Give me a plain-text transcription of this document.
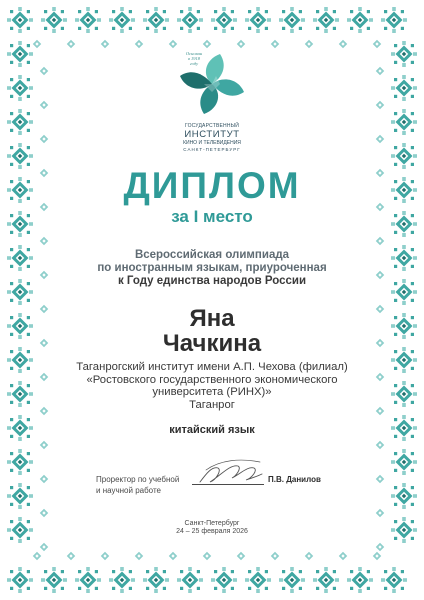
Основан
в 1918
году
ГОСУДАРСТВЕННЫЙ
ИНСТИТУТ
КИНО И ТЕЛЕВИДЕНИЯ
САНКТ-ПЕТЕРБУРГ
ДИПЛОМ
за I место
Всероссийская олимпиада
по иностранным языкам, приуроченная
к Году единства народов России
Яна
Чачкина
Таганрогский институт имени А.П. Чехова (филиал)
«Ростовского государственного экономического
университета (РИНХ)»
Таганрог
китайский язык
Проректор по учебной
и научной работе
П.В. Данилов
Санкт-Петербург
24 – 25 февраля 2026
